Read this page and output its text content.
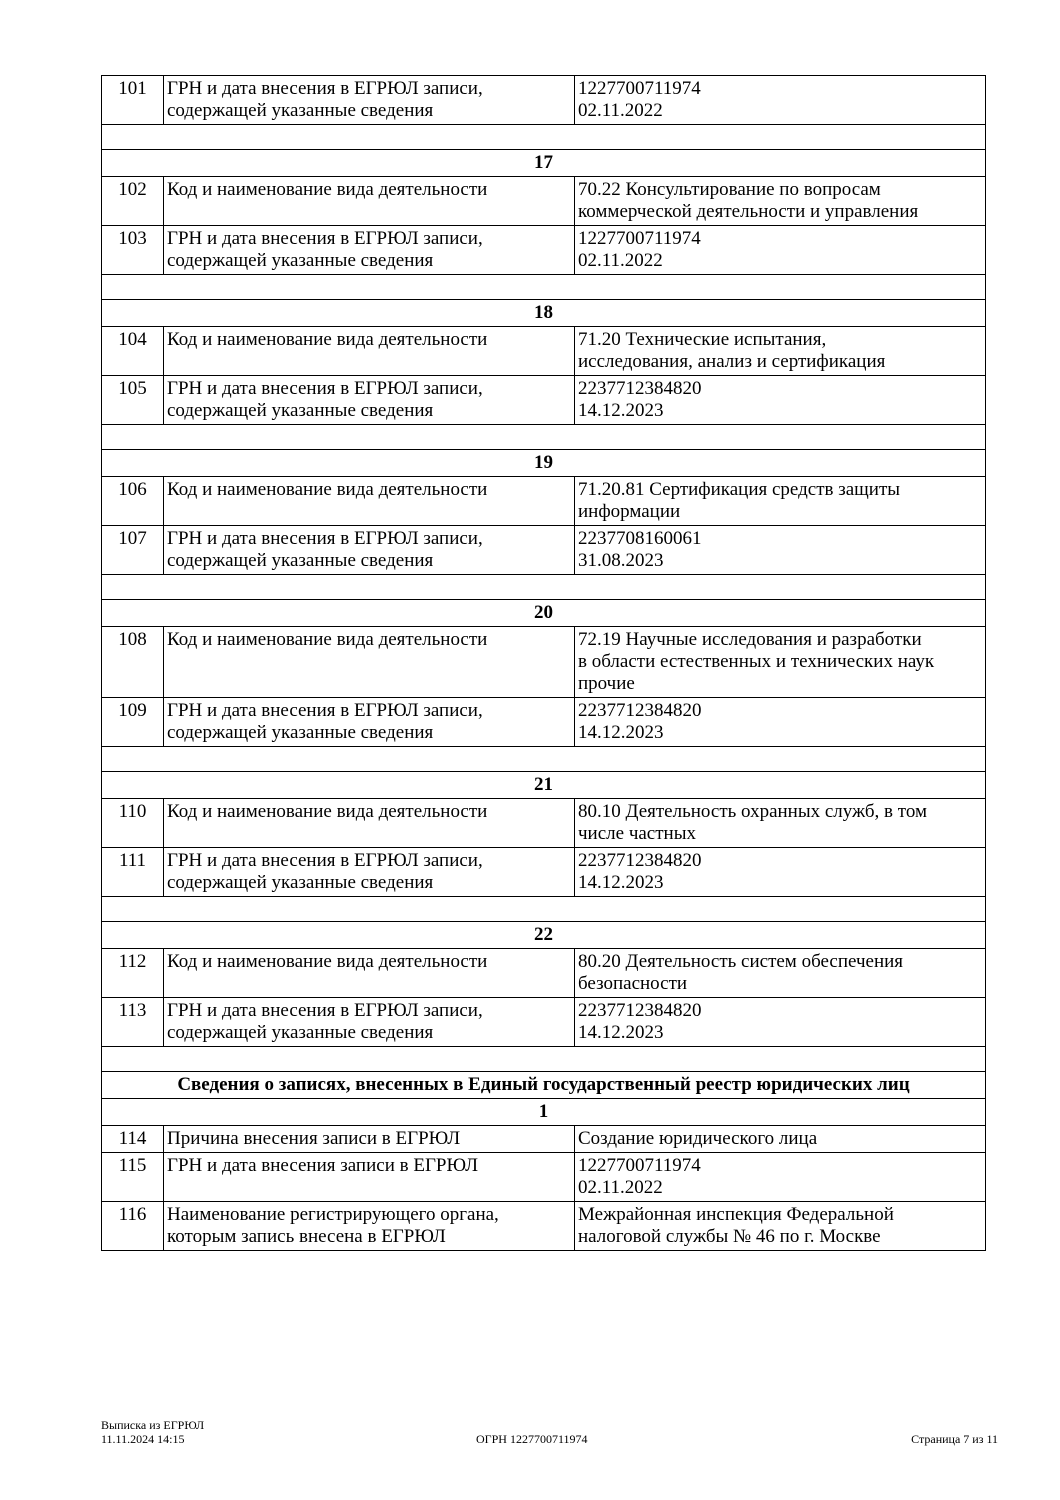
101	ГРН и дата внесения в ЕГРЮЛ записи,
содержащей указанные сведения	1227700711974
02.11.2022

17		
102	Код и наименование вида деятельности	70.22 Консультирование по вопросам
коммерческой деятельности и управления
103	ГРН и дата внесения в ЕГРЮЛ записи,
содержащей указанные сведения	1227700711974
02.11.2022

18		
104	Код и наименование вида деятельности	71.20 Технические испытания,
исследования, анализ и сертификация
105	ГРН и дата внесения в ЕГРЮЛ записи,
содержащей указанные сведения	2237712384820
14.12.2023

19		
106	Код и наименование вида деятельности	71.20.81 Сертификация средств защиты
информации
107	ГРН и дата внесения в ЕГРЮЛ записи,
содержащей указанные сведения	2237708160061
31.08.2023

20		
108	Код и наименование вида деятельности	72.19 Научные исследования и разработки
в области естественных и технических наук
прочие
109	ГРН и дата внесения в ЕГРЮЛ записи,
содержащей указанные сведения	2237712384820
14.12.2023

21		
110	Код и наименование вида деятельности	80.10 Деятельность охранных служб, в том
числе частных
111	ГРН и дата внесения в ЕГРЮЛ записи,
содержащей указанные сведения	2237712384820
14.12.2023

22		
112	Код и наименование вида деятельности	80.20 Деятельность систем обеспечения
безопасности
113	ГРН и дата внесения в ЕГРЮЛ записи,
содержащей указанные сведения	2237712384820
14.12.2023

Сведения о записях, внесенных в Единый государственный реестр юридических лиц		
1		
114	Причина внесения записи в ЕГРЮЛ	Создание юридического лица
115	ГРН и дата внесения записи в ЕГРЮЛ	1227700711974
02.11.2022
116	Наименование регистрирующего органа,
которым запись внесена в ЕГРЮЛ	Межрайонная инспекция Федеральной
налоговой службы № 46 по г. Москве
Выписка из ЕГРЮЛ
11.11.2024 14:15	ОГРН 1227700711974	Страница 7 из 11
